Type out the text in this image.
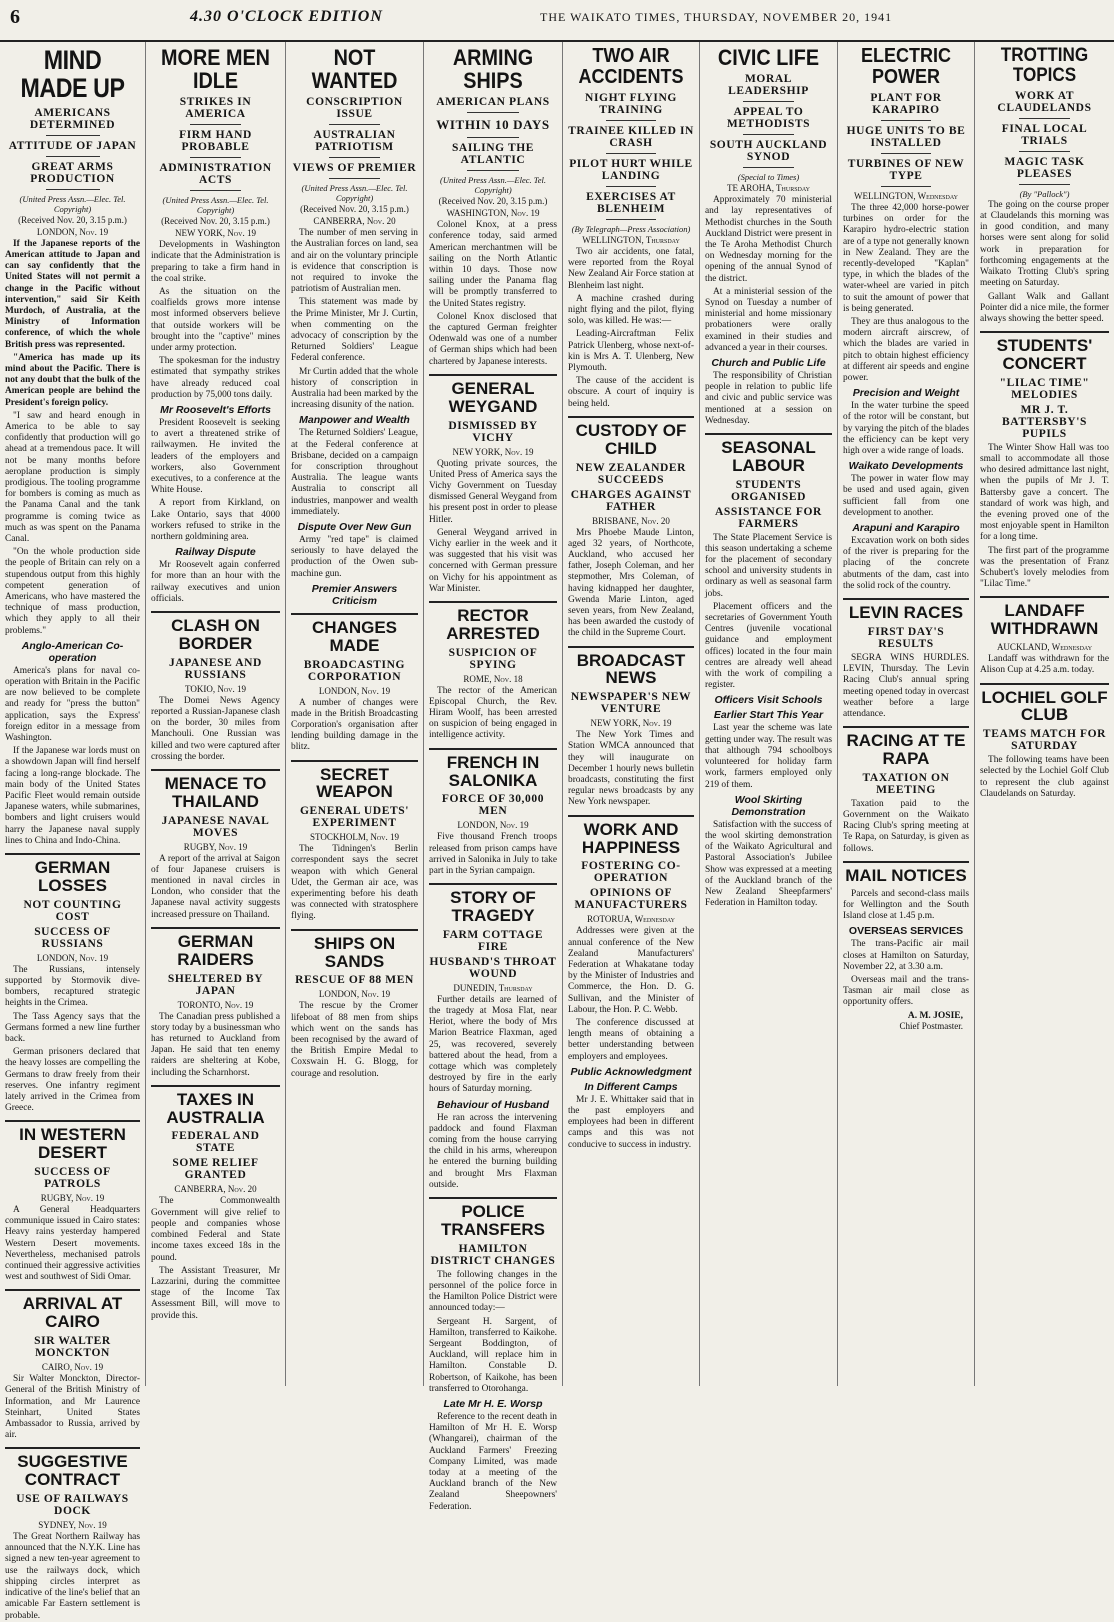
6	4.30 O'CLOCK EDITION	THE WAIKATO TIMES, THURSDAY, NOVEMBER 20, 1941
MIND MADE UP
AMERICANS DETERMINED
ATTITUDE OF JAPAN
GREAT ARMS PRODUCTION
(United Press Assn.—Elec. Tel. Copyright)
(Received Nov. 20, 3.15 p.m.)
LONDON, Nov. 19

If the Japanese reports of the American attitude to Japan and can say confidently that the United States will not permit a change in the Pacific without intervention," said Sir Keith Murdoch, of Australia, at the Ministry of Information conference, of which the whole British press was represented.

"America has made up its mind about the Pacific. There is not any doubt that the bulk of the American people are behind the President's foreign policy.

"I saw and heard enough in America to be able to say confidently that production will go ahead at a tremendous pace. It will not be many months before aeroplane production is simply prodigious. The tooling programme for bombers is coming as much as the Panama Canal and the tank programme is coming twice as much as was spent on the Panama Canal.

"On the whole production side the people of Britain can rely on a stupendous output from this highly competent generation of Americans, who have mastered the technique of mass production, which they apply to all their problems."

Anglo-American Co-operation

America's plans for naval co-operation with Britain in the Pacific are now believed to be complete and ready for "press the button" application, says the Express' foreign editor in a message from Washington.

If the Japanese war lords must on a showdown Japan will find herself facing a long-range blockade. The main body of the United States Pacific Fleet would remain outside Japanese waters, while submarines, bombers and light cruisers would harry the Japanese naval supply lines to China and Indo-China.

GERMAN LOSSES
NOT COUNTING COST
SUCCESS OF RUSSIANS
LONDON, Nov. 19

The Russians, intensely supported by Stormovik dive-bombers, recaptured strategic heights in the Crimea.

The Tass Agency says that the Germans formed a new line further back.

German prisoners declared that the heavy losses are compelling the Germans to draw freely from their reserves. One infantry regiment lately arrived in the Crimea from Greece.

IN WESTERN DESERT
SUCCESS OF PATROLS
RUGBY, Nov. 19

A General Headquarters communique issued in Cairo states: Heavy rains yesterday hampered Western Desert movements. Nevertheless, mechanised patrols continued their aggressive activities west and southwest of Sidi Omar.

ARRIVAL AT CAIRO
SIR WALTER MONCKTON
CAIRO, Nov. 19

Sir Walter Monckton, Director-General of the British Ministry of Information, and Mr Laurence Steinhart, United States Ambassador to Russia, arrived by air.

SUGGESTIVE CONTRACT
USE OF RAILWAYS DOCK
SYDNEY, Nov. 19

The Great Northern Railway has announced that the N.Y.K. Line has signed a new ten-year agreement to use the railways dock, which shipping circles interpret as indicative of the line's belief that an amicable Far Eastern settlement is probable.

MORE MEN IDLE
STRIKES IN AMERICA
FIRM HAND PROBABLE
ADMINISTRATION ACTS
(United Press Assn.—Elec. Tel. Copyright)
(Received Nov. 20, 3.15 p.m.)
NEW YORK, Nov. 19

Developments in Washington indicate that the Administration is preparing to take a firm hand in the coal strike.

As the situation on the coalfields grows more intense most informed observers believe that outside workers will be brought into the "captive" mines under army protection.

The spokesman for the industry estimated that sympathy strikes have already reduced coal production by 75,000 tons daily.

Mr Roosevelt's Efforts

President Roosevelt is seeking to avert a threatened strike of railwaymen. He invited the leaders of the employers and workers, also Government executives, to a conference at the White House.

A report from Kirkland, on Lake Ontario, says that 4000 workers refused to strike in the northern goldmining area.

Railway Dispute

Mr Roosevelt again conferred for more than an hour with the railway executives and union officials.

CLASH ON BORDER
JAPANESE AND RUSSIANS
TOKIO, Nov. 19

The Domei News Agency reported a Russian-Japanese clash on the border, 30 miles from Manchouli. One Russian was killed and two were captured after crossing the border.

MENACE TO THAILAND
JAPANESE NAVAL MOVES
RUGBY, Nov. 19

A report of the arrival at Saigon of four Japanese cruisers is mentioned in naval circles in London, who consider that the Japanese naval activity suggests increased pressure on Thailand.

GERMAN RAIDERS
SHELTERED BY JAPAN
TORONTO, Nov. 19

The Canadian press published a story today by a businessman who has returned to Auckland from Japan. He said that ten enemy raiders are sheltering at Kobe, including the Scharnhorst.

TAXES IN AUSTRALIA
FEDERAL AND STATE
SOME RELIEF GRANTED
CANBERRA, Nov. 20

The Commonwealth Government will give relief to people and companies whose combined Federal and State income taxes exceed 18s in the pound.

The Assistant Treasurer, Mr Lazzarini, during the committee stage of the Income Tax Assessment Bill, will move to provide this.

NOT WANTED
CONSCRIPTION ISSUE
AUSTRALIAN PATRIOTISM
VIEWS OF PREMIER
(United Press Assn.—Elec. Tel. Copyright)
(Received Nov. 20, 3.15 p.m.)
CANBERRA, Nov. 20

The number of men serving in the Australian forces on land, sea and air on the voluntary principle is evidence that conscription is not required to invoke the patriotism of Australian men.

This statement was made by the Prime Minister, Mr J. Curtin, when commenting on the advocacy of conscription by the Returned Soldiers' League Federal conference.

Mr Curtin added that the whole history of conscription in Australia had been marked by the increasing disunity of the nation.

Manpower and Wealth

The Returned Soldiers' League, at the Federal conference at Brisbane, decided on a campaign for conscription throughout Australia. The league wants Australia to conscript all industries, manpower and wealth immediately.

Dispute Over New Gun

Army "red tape" is claimed seriously to have delayed the production of the Owen sub-machine gun.

Premier Answers Criticism
CHANGES MADE
BROADCASTING CORPORATION
LONDON, Nov. 19

A number of changes were made in the British Broadcasting Corporation's organisation after lending building damage in the blitz.

SECRET WEAPON
GENERAL UDETS' EXPERIMENT
STOCKHOLM, Nov. 19

The Tidningen's Berlin correspondent says the secret weapon with which General Udet, the German air ace, was experimenting before his death was connected with stratosphere flying.

SHIPS ON SANDS
RESCUE OF 88 MEN
LONDON, Nov. 19

The rescue by the Cromer lifeboat of 88 men from ships which went on the sands has been recognised by the award of the British Empire Medal to Coxswain H. G. Blogg, for courage and resolution.

ARMING SHIPS
AMERICAN PLANS
WITHIN 10 DAYS
SAILING THE ATLANTIC
(United Press Assn.—Elec. Tel. Copyright)
(Received Nov. 20, 3.15 p.m.)
WASHINGTON, Nov. 19

Colonel Knox, at a press conference today, said armed American merchantmen will be sailing on the North Atlantic within 10 days. Those now sailing under the Panama flag will be promptly transferred to the United States registry.

Colonel Knox disclosed that the captured German freighter Odenwald was one of a number of German ships which had been chartered by Japanese interests.

GENERAL WEYGAND
DISMISSED BY VICHY
NEW YORK, Nov. 19

Quoting private sources, the United Press of America says the Vichy Government on Tuesday dismissed General Weygand from his present post in order to please Hitler.

General Weygand arrived in Vichy earlier in the week and it was suggested that his visit was concerned with German pressure on Vichy for his appointment as War Minister.

RECTOR ARRESTED
SUSPICION OF SPYING
ROME, Nov. 18

The rector of the American Episcopal Church, the Rev. Hiram Woolf, has been arrested on suspicion of being engaged in intelligence activity.

FRENCH IN SALONIKA
FORCE OF 30,000 MEN
LONDON, Nov. 19

Five thousand French troops released from prison camps have arrived in Salonika in July to take part in the Syrian campaign.

STORY OF TRAGEDY
FARM COTTAGE FIRE
HUSBAND'S THROAT WOUND
DUNEDIN, Thursday

Further details are learned of the tragedy at Mosa Flat, near Heriot, where the body of Mrs Marion Beatrice Flaxman, aged 25, was recovered, severely battered about the head, from a cottage which was completely destroyed by fire in the early hours of Saturday morning.

Behaviour of Husband

He ran across the intervening paddock and found Flaxman coming from the house carrying the child in his arms, whereupon he entered the burning building and brought Mrs Flaxman outside.

POLICE TRANSFERS
HAMILTON DISTRICT CHANGES

The following changes in the personnel of the police force in the Hamilton Police District were announced today:—

Sergeant H. Sargent, of Hamilton, transferred to Kaikohe. Sergeant Boddington, of Auckland, will replace him in Hamilton. Constable D. Robertson, of Kaikohe, has been transferred to Otorohanga.

Late Mr H. E. Worsp

Reference to the recent death in Hamilton of Mr H. E. Worsp (Whangarei), chairman of the Auckland Farmers' Freezing Company Limited, was made today at a meeting of the Auckland branch of the New Zealand Sheepowners' Federation.

TWO AIR ACCIDENTS
NIGHT FLYING TRAINING
TRAINEE KILLED IN CRASH
PILOT HURT WHILE LANDING
EXERCISES AT BLENHEIM
(By Telegraph—Press Association)
WELLINGTON, Thursday

Two air accidents, one fatal, were reported from the Royal New Zealand Air Force station at Blenheim last night.

A machine crashed during night flying and the pilot, flying solo, was killed. He was:—

Leading-Aircraftman Felix Patrick Ulenberg, whose next-of-kin is Mrs A. T. Ulenberg, New Plymouth.

The cause of the accident is obscure. A court of inquiry is being held.

CUSTODY OF CHILD
NEW ZEALANDER SUCCEEDS
CHARGES AGAINST FATHER
BRISBANE, Nov. 20

Mrs Phoebe Maude Linton, aged 32 years, of Northcote, Auckland, who accused her father, Joseph Coleman, and her stepmother, Mrs Coleman, of having kidnapped her daughter, Gwenda Marie Linton, aged seven years, from New Zealand, has been awarded the custody of the child in the Supreme Court.

BROADCAST NEWS
NEWSPAPER'S NEW VENTURE
NEW YORK, Nov. 19

The New York Times and Station WMCA announced that they will inaugurate on December 1 hourly news bulletin broadcasts, constituting the first regular news broadcasts by any New York newspaper.

WORK AND HAPPINESS
FOSTERING CO-OPERATION
OPINIONS OF MANUFACTURERS
ROTORUA, Wednesday

Addresses were given at the annual conference of the New Zealand Manufacturers' Federation at Whakatane today by the Minister of Industries and Commerce, the Hon. D. G. Sullivan, and the Minister of Labour, the Hon. P. C. Webb.

The conference discussed at length means of obtaining a better understanding between employers and employees.

Public Acknowledgment
In Different Camps

Mr J. E. Whittaker said that in the past employers and employees had been in different camps and this was not conducive to success in industry.

CIVIC LIFE
MORAL LEADERSHIP
APPEAL TO METHODISTS
SOUTH AUCKLAND SYNOD
(Special to Times)
TE AROHA, Thursday

Approximately 70 ministerial and lay representatives of Methodist churches in the South Auckland District were present in the Te Aroha Methodist Church on Wednesday morning for the opening of the annual Synod of the district.

At a ministerial session of the Synod on Tuesday a number of ministerial and home missionary probationers were orally examined in their studies and advanced a year in their courses.

Church and Public Life

The responsibility of Christian people in relation to public life and civic and public service was mentioned at a session on Wednesday.

SEASONAL LABOUR
STUDENTS ORGANISED
ASSISTANCE FOR FARMERS

The State Placement Service is this season undertaking a scheme for the placement of secondary school and university students in ordinary as well as seasonal farm jobs.

Placement officers and the secretaries of Government Youth Centres (juvenile vocational guidance and employment offices) located in the four main centres are already well ahead with the work of compiling a register.

Officers Visit Schools
Earlier Start This Year

Last year the scheme was late getting under way. The result was that although 794 schoolboys volunteered for holiday farm work, farmers employed only 219 of them.

Wool Skirting Demonstration

Satisfaction with the success of the wool skirting demonstration of the Waikato Agricultural and Pastoral Association's Jubilee Show was expressed at a meeting of the Auckland branch of the New Zealand Sheepfarmers' Federation in Hamilton today.

ELECTRIC POWER
PLANT FOR KARAPIRO
HUGE UNITS TO BE INSTALLED
TURBINES OF NEW TYPE
WELLINGTON, Wednesday

The three 42,000 horse-power turbines on order for the Karapiro hydro-electric station are of a type not generally known in New Zealand. They are the recently-developed "Kaplan" type, in which the blades of the water-wheel are varied in pitch to suit the amount of power that is being generated.

They are thus analogous to the modern aircraft airscrew, of which the blades are varied in pitch to obtain highest efficiency at different air speeds and engine power.

Precision and Weight

In the water turbine the speed of the rotor will be constant, but by varying the pitch of the blades the efficiency can be kept very high over a wide range of loads.

Waikato Developments

The power in water flow may be used and used again, given sufficient fall from one development to another.

Arapuni and Karapiro

Excavation work on both sides of the river is preparing for the placing of the concrete abutments of the dam, cast into the solid rock of the country.

LEVIN RACES
FIRST DAY'S RESULTS

SEGRA WINS HURDLES. LEVIN, Thursday. The Levin Racing Club's annual spring meeting opened today in overcast weather before a large attendance.

RACING AT TE RAPA
TAXATION ON MEETING

Taxation paid to the Government on the Waikato Racing Club's spring meeting at Te Rapa, on Saturday, is given as follows.

MAIL NOTICES

Parcels and second-class mails for Wellington and the South Island close at 1.45 p.m.

OVERSEAS SERVICES

The trans-Pacific air mail closes at Hamilton on Saturday, November 22, at 3.30 a.m.

Overseas mail and the trans-Tasman air mail close as opportunity offers.

A. M. JOSIE,
Chief Postmaster.
TROTTING TOPICS
WORK AT CLAUDELANDS
FINAL LOCAL TRIALS
MAGIC TASK PLEASES
(By "Pallock")

The going on the course proper at Claudelands this morning was in good condition, and many horses were sent along for solid work in preparation for forthcoming engagements at the Waikato Trotting Club's spring meeting on Saturday.

Gallant Walk and Gallant Pointer did a nice mile, the former always showing the better speed.

STUDENTS' CONCERT
"LILAC TIME" MELODIES
MR J. T. BATTERSBY'S PUPILS

The Winter Show Hall was too small to accommodate all those who desired admittance last night, when the pupils of Mr J. T. Battersby gave a concert. The standard of work was high, and the evening proved one of the most enjoyable spent in Hamilton for a long time.

The first part of the programme was the presentation of Franz Schubert's lovely melodies from "Lilac Time."

LANDAFF WITHDRAWN
AUCKLAND, Wednesday

Landaff was withdrawn for the Alison Cup at 4.25 a.m. today.

LOCHIEL GOLF CLUB
TEAMS MATCH FOR SATURDAY

The following teams have been selected by the Lochiel Golf Club to represent the club against Claudelands on Saturday.
